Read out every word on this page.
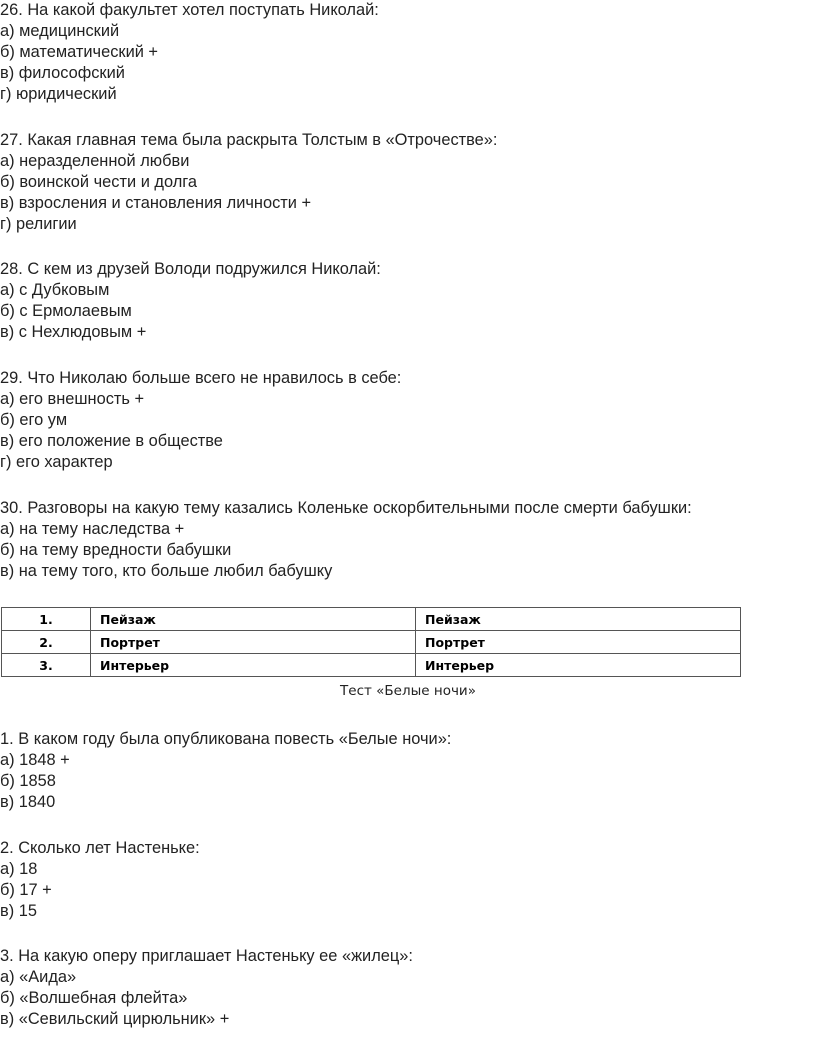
26. На какой факультет хотел поступать Николай:
а) медицинский
б) математический +
в) философский
г) юридический
27. Какая главная тема была раскрыта Толстым в «Отрочестве»:
а) неразделенной любви
б) воинской чести и долга
в) взросления и становления личности +
г) религии
28. С кем из друзей Володи подружился Николай:
а) с Дубковым
б) с Ермолаевым
в) с Нехлюдовым +
29. Что Николаю больше всего не нравилось в себе:
а) его внешность +
б) его ум
в) его положение в обществе
г) его характер
30. Разговоры на какую тему казались Коленьке оскорбительными после смерти бабушки:
а) на тему наследства +
б) на тему вредности бабушки
в) на тему того, кто больше любил бабушку
1.	Пейзаж	Пейзаж
2.	Портрет	Портрет
3.	Интерьер	Интерьер
Тест «Белые ночи»
1. В каком году была опубликована повесть «Белые ночи»:
а) 1848 +
б) 1858
в) 1840
2. Сколько лет Настеньке:
а) 18
б) 17 +
в) 15
3. На какую оперу приглашает Настеньку ее «жилец»:
а) «Аида»
б) «Волшебная флейта»
в) «Севильский цирюльник» +
